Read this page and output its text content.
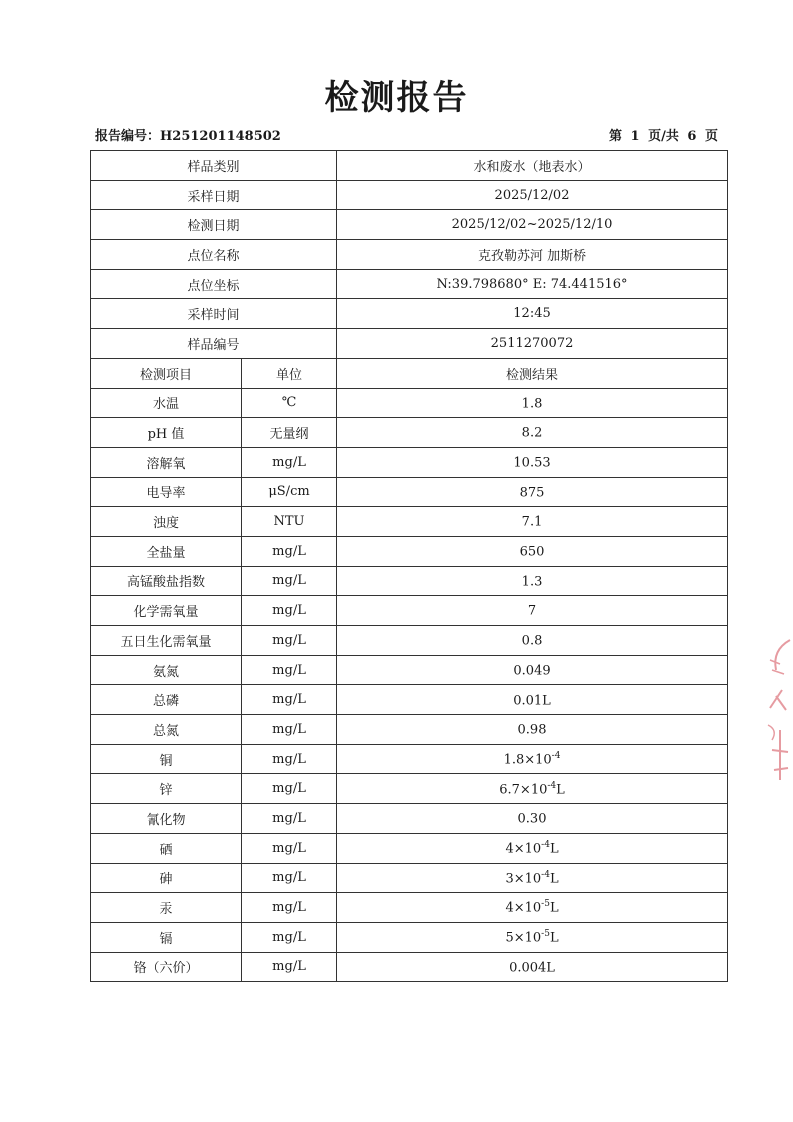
检测报告
报告编号：H251201148502	第 1 页/共 6 页
样品类别		水和废水（地表水）
采样日期		2025/12/02
检测日期		2025/12/02~2025/12/10
点位名称		克孜勒苏河 加斯桥
点位坐标		N:39.798680° E: 74.441516°
采样时间		12:45
样品编号		2511270072
检测项目	单位	检测结果
水温	℃	1.8
pH 值	无量纲	8.2
溶解氧	mg/L	10.53
电导率	μS/cm	875
浊度	NTU	7.1
全盐量	mg/L	650
高锰酸盐指数	mg/L	1.3
化学需氧量	mg/L	7
五日生化需氧量	mg/L	0.8
氨氮	mg/L	0.049
总磷	mg/L	0.01L
总氮	mg/L	0.98
铜	mg/L	$1.8\times 10^{-4}$
锌	mg/L	$6.7\times 10^{-4}L$
氰化物	mg/L	0.30
硒	mg/L	$4\times 10^{-4}L$
砷	mg/L	$3\times 10^{-4}L$
汞	mg/L	$4\times 10^{-5}L$
镉	mg/L	$5\times 10^{-5}L$
铬（六价）	mg/L	0.004L
